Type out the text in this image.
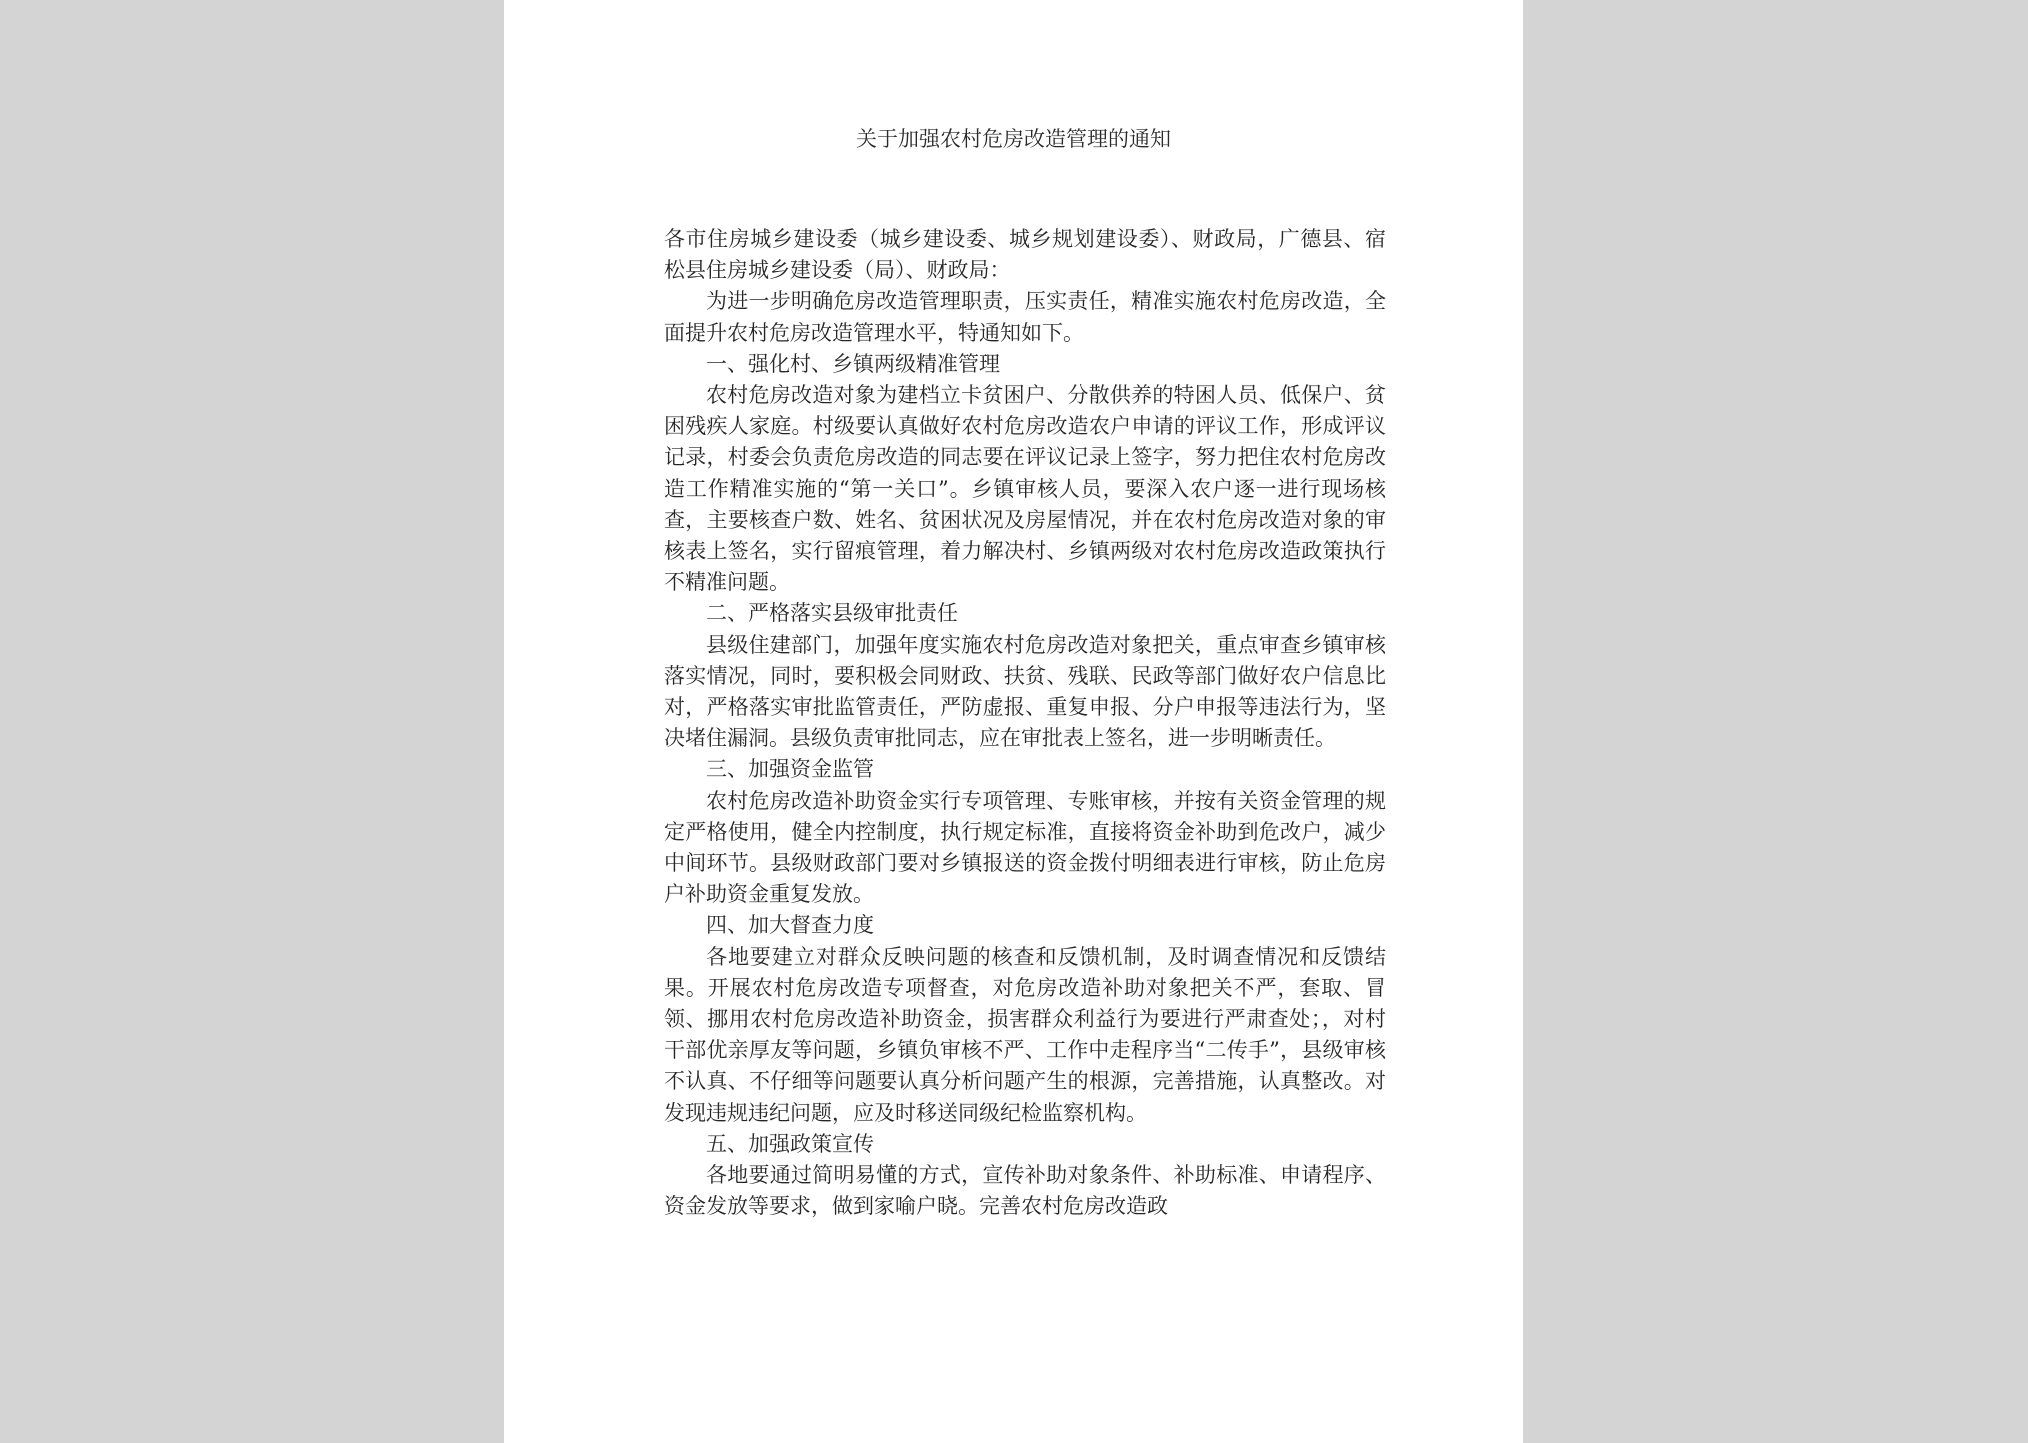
关于加强农村危房改造管理的通知

各市住房城乡建设委（城乡建设委、城乡规划建设委）、财政局，广德县、宿松县住房城乡建设委（局）、财政局：

为进一步明确危房改造管理职责，压实责任，精准实施农村危房改造，全面提升农村危房改造管理水平，特通知如下。

一、强化村、乡镇两级精准管理

农村危房改造对象为建档立卡贫困户、分散供养的特困人员、低保户、贫困残疾人家庭。村级要认真做好农村危房改造农户申请的评议工作，形成评议记录，村委会负责危房改造的同志要在评议记录上签字，努力把住农村危房改造工作精准实施的“第一关口”。乡镇审核人员，要深入农户逐一进行现场核查，主要核查户数、姓名、贫困状况及房屋情况，并在农村危房改造对象的审核表上签名，实行留痕管理，着力解决村、乡镇两级对农村危房改造政策执行不精准问题。

二、严格落实县级审批责任

县级住建部门，加强年度实施农村危房改造对象把关，重点审查乡镇审核落实情况，同时，要积极会同财政、扶贫、残联、民政等部门做好农户信息比对，严格落实审批监管责任，严防虚报、重复申报、分户申报等违法行为，坚决堵住漏洞。县级负责审批同志，应在审批表上签名，进一步明晰责任。

三、加强资金监管

农村危房改造补助资金实行专项管理、专账审核，并按有关资金管理的规定严格使用，健全内控制度，执行规定标准，直接将资金补助到危改户，减少中间环节。县级财政部门要对乡镇报送的资金拨付明细表进行审核，防止危房户补助资金重复发放。

四、加大督查力度

各地要建立对群众反映问题的核查和反馈机制，及时调查情况和反馈结果。开展农村危房改造专项督查，对危房改造补助对象把关不严，套取、冒领、挪用农村危房改造补助资金，损害群众利益行为要进行严肃查处；，对村干部优亲厚友等问题，乡镇负审核不严、工作中走程序当“二传手”，县级审核不认真、不仔细等问题要认真分析问题产生的根源，完善措施，认真整改。对发现违规违纪问题，应及时移送同级纪检监察机构。

五、加强政策宣传

各地要通过简明易懂的方式，宣传补助对象条件、补助标准、申请程序、资金发放等要求，做到家喻户晓。完善农村危房改造政
